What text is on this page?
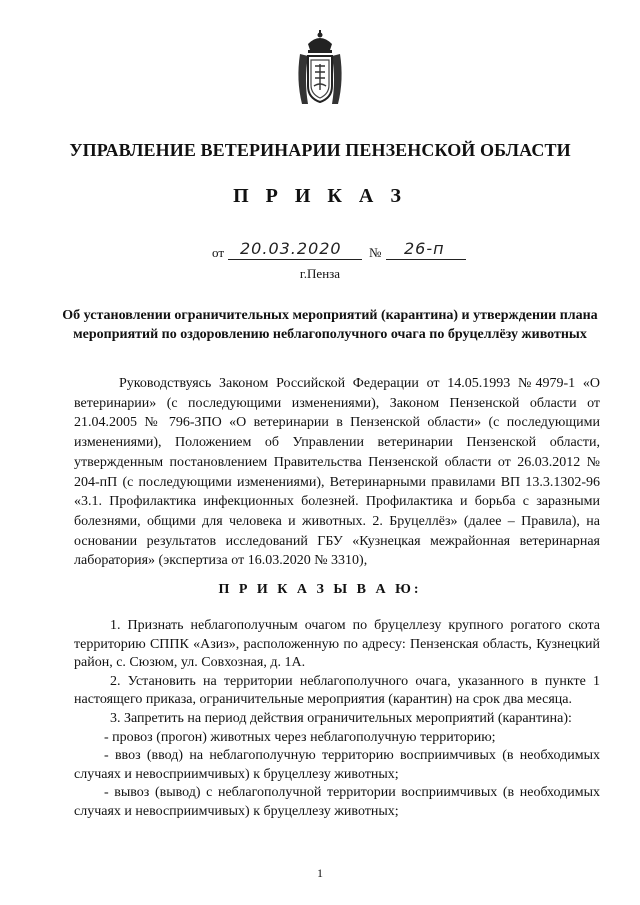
УПРАВЛЕНИЕ ВЕТЕРИНАРИИ ПЕНЗЕНСКОЙ ОБЛАСТИ
П Р И К А З
от 20.03.2020 № 26-п
г.Пенза
Об установлении ограничительных мероприятий (карантина) и утверждении плана мероприятий по оздоровлению неблагополучного очага по бруцеллёзу животных
Руководствуясь Законом Российской Федерации от 14.05.1993 №4979-1 «О ветеринарии» (с последующими изменениями), Законом Пензенской области от 21.04.2005 № 796-ЗПО «О ветеринарии в Пензенской области» (с последующими изменениями), Положением об Управлении ветеринарии Пензенской области, утвержденным постановлением Правительства Пензенской области от 26.03.2012 № 204-пП (с последующими изменениями), Ветеринарными правилами ВП 13.3.1302-96 «3.1. Профилактика инфекционных болезней. Профилактика и борьба с заразными болезнями, общими для человека и животных. 2. Бруцеллёз» (далее – Правила), на основании результатов исследований ГБУ «Кузнецкая межрайонная ветеринарная лаборатория» (экспертиза от 16.03.2020 № 3310),
П Р И К А З Ы В А Ю:

1. Признать неблагополучным очагом по бруцеллезу крупного рогатого скота территорию СППК «Азиз», расположенную по адресу: Пензенская область, Кузнецкий район, с. Сюзюм, ул. Совхозная, д. 1А.

2. Установить на территории неблагополучного очага, указанного в пункте 1 настоящего приказа, ограничительные мероприятия (карантин) на срок два месяца.

3. Запретить на период действия ограничительных мероприятий (карантина):

- провоз (прогон) животных через неблагополучную территорию;

- ввоз (ввод) на неблагополучную территорию восприимчивых (в необходимых случаях и невосприимчивых) к бруцеллезу животных;

- вывоз (вывод) с неблагополучной территории восприимчивых (в необходимых случаях и невосприимчивых) к бруцеллезу животных;

1
